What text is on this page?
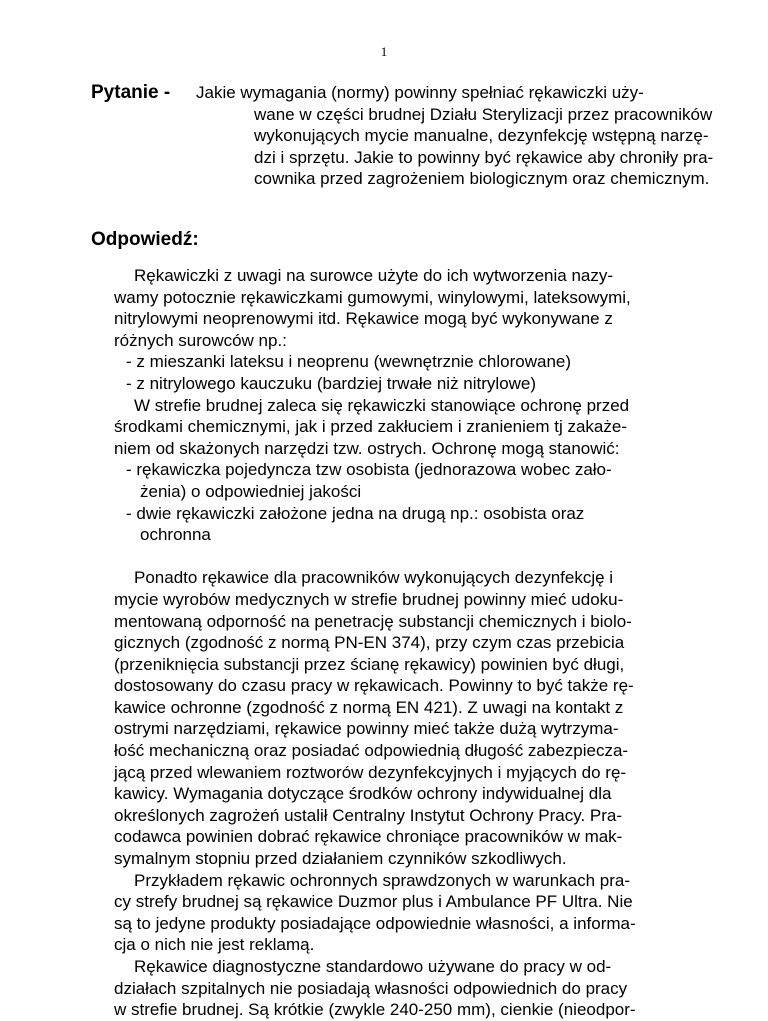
1
Pytanie - Jakie wymagania (normy) powinny spełniać rękawiczki uży-
wane w części brudnej Działu Sterylizacji przez pracowników
wykonujących mycie manualne, dezynfekcję wstępną narzę-
dzi i sprzętu. Jakie to powinny być rękawice aby chroniły pra-
cownika przed zagrożeniem biologicznym oraz chemicznym.
Odpowiedź:
Rękawiczki z uwagi na surowce użyte do ich wytworzenia nazy-
wamy potocznie rękawiczkami gumowymi, winylowymi, lateksowymi,
nitrylowymi neoprenowymi itd. Rękawice mogą być wykonywane z
różnych surowców np.:
- z mieszanki lateksu i neoprenu (wewnętrznie chlorowane)
- z nitrylowego kauczuku (bardziej trwałe niż nitrylowe)
W strefie brudnej zaleca się rękawiczki stanowiące ochronę przed
środkami chemicznymi, jak i przed zakłuciem i zranieniem tj zakaże-
niem od skażonych narzędzi tzw. ostrych. Ochronę mogą stanowić:
- rękawiczka pojedyncza tzw osobista (jednorazowa wobec zało-
żenia) o odpowiedniej jakości
- dwie rękawiczki założone jedna na drugą np.: osobista oraz
ochronna
Ponadto rękawice dla pracowników wykonujących dezynfekcję i
mycie wyrobów medycznych w strefie brudnej powinny mieć udoku-
mentowaną odporność na penetrację substancji chemicznych i biolo-
gicznych (zgodność z normą PN-EN 374), przy czym czas przebicia
(przeniknięcia substancji przez ścianę rękawicy) powinien być długi,
dostosowany do czasu pracy w rękawicach. Powinny to być także rę-
kawice ochronne (zgodność z normą EN 421). Z uwagi na kontakt z
ostrymi narzędziami, rękawice powinny mieć także dużą wytrzyma-
łość mechaniczną oraz posiadać odpowiednią długość zabezpiecza-
jącą przed wlewaniem roztworów dezynfekcyjnych i myjących do rę-
kawicy. Wymagania dotyczące środków ochrony indywidualnej dla
określonych zagrożeń ustalił Centralny Instytut Ochrony Pracy. Pra-
codawca powinien dobrać rękawice chroniące pracowników w mak-
symalnym stopniu przed działaniem czynników szkodliwych.
Przykładem rękawic ochronnych sprawdzonych w warunkach pra-
cy strefy brudnej są rękawice Duzmor plus i Ambulance PF Ultra. Nie
są to jedyne produkty posiadające odpowiednie własności, a informa-
cja o nich nie jest reklamą.
Rękawice diagnostyczne standardowo używane do pracy w od-
działach szpitalnych nie posiadają własności odpowiednich do pracy
w strefie brudnej. Są krótkie (zwykle 240-250 mm), cienkie (nieodpor-
